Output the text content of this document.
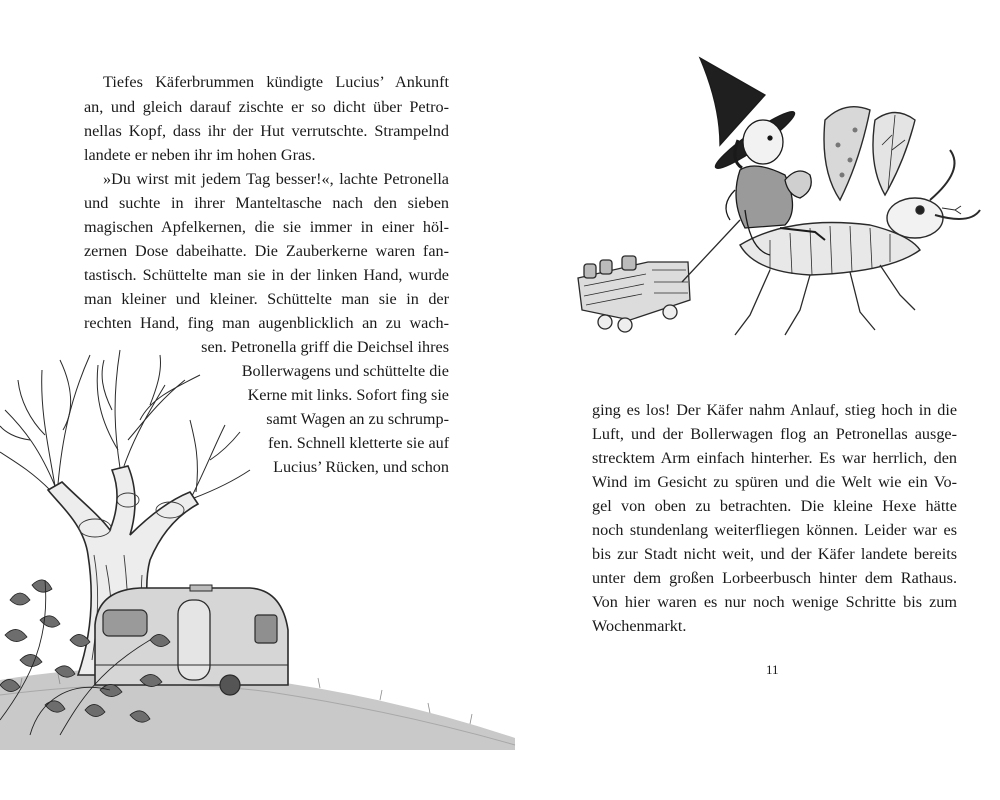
Tiefes Käferbrummen kündigte Lucius’ Ankunft
an, und gleich darauf zischte er so dicht über Petro-
nellas Kopf, dass ihr der Hut verrutschte. Strampelnd
landete er neben ihr im hohen Gras.
»Du wirst mit jedem Tag besser!«, lachte Petronella
und suchte in ihrer Manteltasche nach den sieben
magischen Apfelkernen, die sie immer in einer höl-
zernen Dose dabeihatte. Die Zauberkerne waren fan-
tastisch. Schüttelte man sie in der linken Hand, wurde
man kleiner und kleiner. Schüttelte man sie in der
rechten Hand, fing man augenblicklich an zu wach-
sen. Petronella griff die Deichsel ihres
Bollerwagens und schüttelte die
Kerne mit links. Sofort fing sie
samt Wagen an zu schrump-
fen. Schnell kletterte sie auf
Lucius’ Rücken, und schon
ging es los! Der Käfer nahm Anlauf, stieg hoch in die
Luft, und der Bollerwagen flog an Petronellas ausge-
strecktem Arm einfach hinterher. Es war herrlich, den
Wind im Gesicht zu spüren und die Welt wie ein Vo-
gel von oben zu betrachten. Die kleine Hexe hätte
noch stundenlang weiterfliegen können. Leider war es
bis zur Stadt nicht weit, und der Käfer landete bereits
unter dem großen Lorbeerbusch hinter dem Rathaus.
Von hier waren es nur noch wenige Schritte bis zum
Wochenmarkt.
11
